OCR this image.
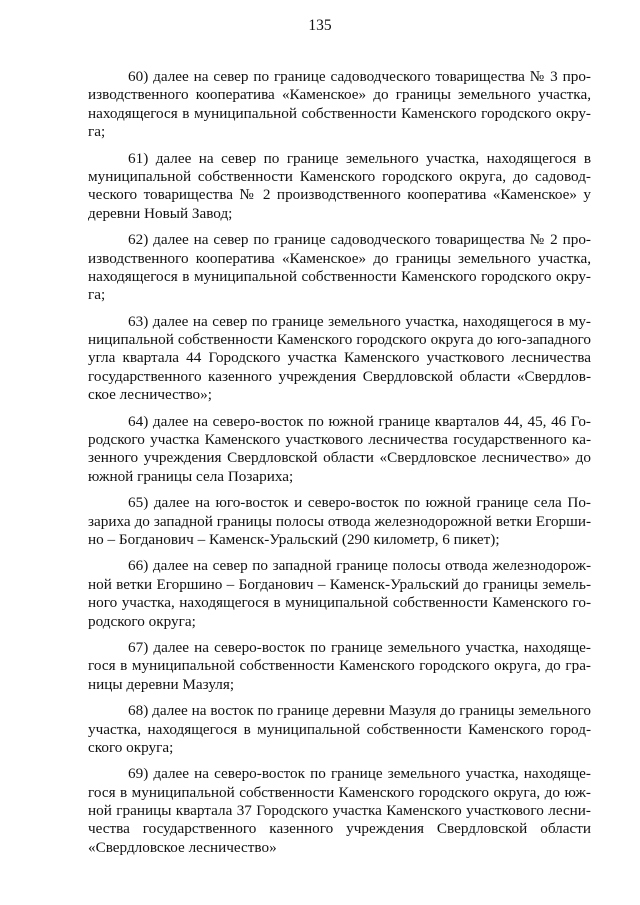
135

60) далее на север по границе садоводческого товарищества № 3 про-
изводственного кооператива «Каменское» до границы земельного участка,
находящегося в муниципальной собственности Каменского городского окру-
га;

61) далее на север по границе земельного участка, находящегося в
муниципальной собственности Каменского городского округа, до садовод-
ческого товарищества № 2 производственного кооператива «Каменское» у
деревни Новый Завод;

62) далее на север по границе садоводческого товарищества № 2 про-
изводственного кооператива «Каменское» до границы земельного участка,
находящегося в муниципальной собственности Каменского городского окру-
га;

63) далее на север по границе земельного участка, находящегося в му-
ниципальной собственности Каменского городского округа до юго-западного
угла квартала 44 Городского участка Каменского участкового лесничества
государственного казенного учреждения Свердловской области «Свердлов-
ское лесничество»;

64) далее на северо-восток по южной границе кварталов 44, 45, 46 Го-
родского участка Каменского участкового лесничества государственного ка-
зенного учреждения Свердловской области «Свердловское лесничество» до
южной границы села Позариха;

65) далее на юго-восток и северо-восток по южной границе села По-
зариха до западной границы полосы отвода железнодорожной ветки Егорши-
но – Богданович – Каменск-Уральский (290 километр, 6 пикет);

66) далее на север по западной границе полосы отвода железнодорож-
ной ветки Егоршино – Богданович – Каменск-Уральский до границы земель-
ного участка, находящегося в муниципальной собственности Каменского го-
родского округа;

67) далее на северо-восток по границе земельного участка, находяще-
гося в муниципальной собственности Каменского городского округа, до гра-
ницы деревни Мазуля;

68) далее на восток по границе деревни Мазуля до границы земельного
участка, находящегося в муниципальной собственности Каменского город-
ского округа;

69) далее на северо-восток по границе земельного участка, находяще-
гося в муниципальной собственности Каменского городского округа, до юж-
ной границы квартала 37 Городского участка Каменского участкового лесни-
чества государственного казенного учреждения Свердловской области
«Свердловское лесничество»
